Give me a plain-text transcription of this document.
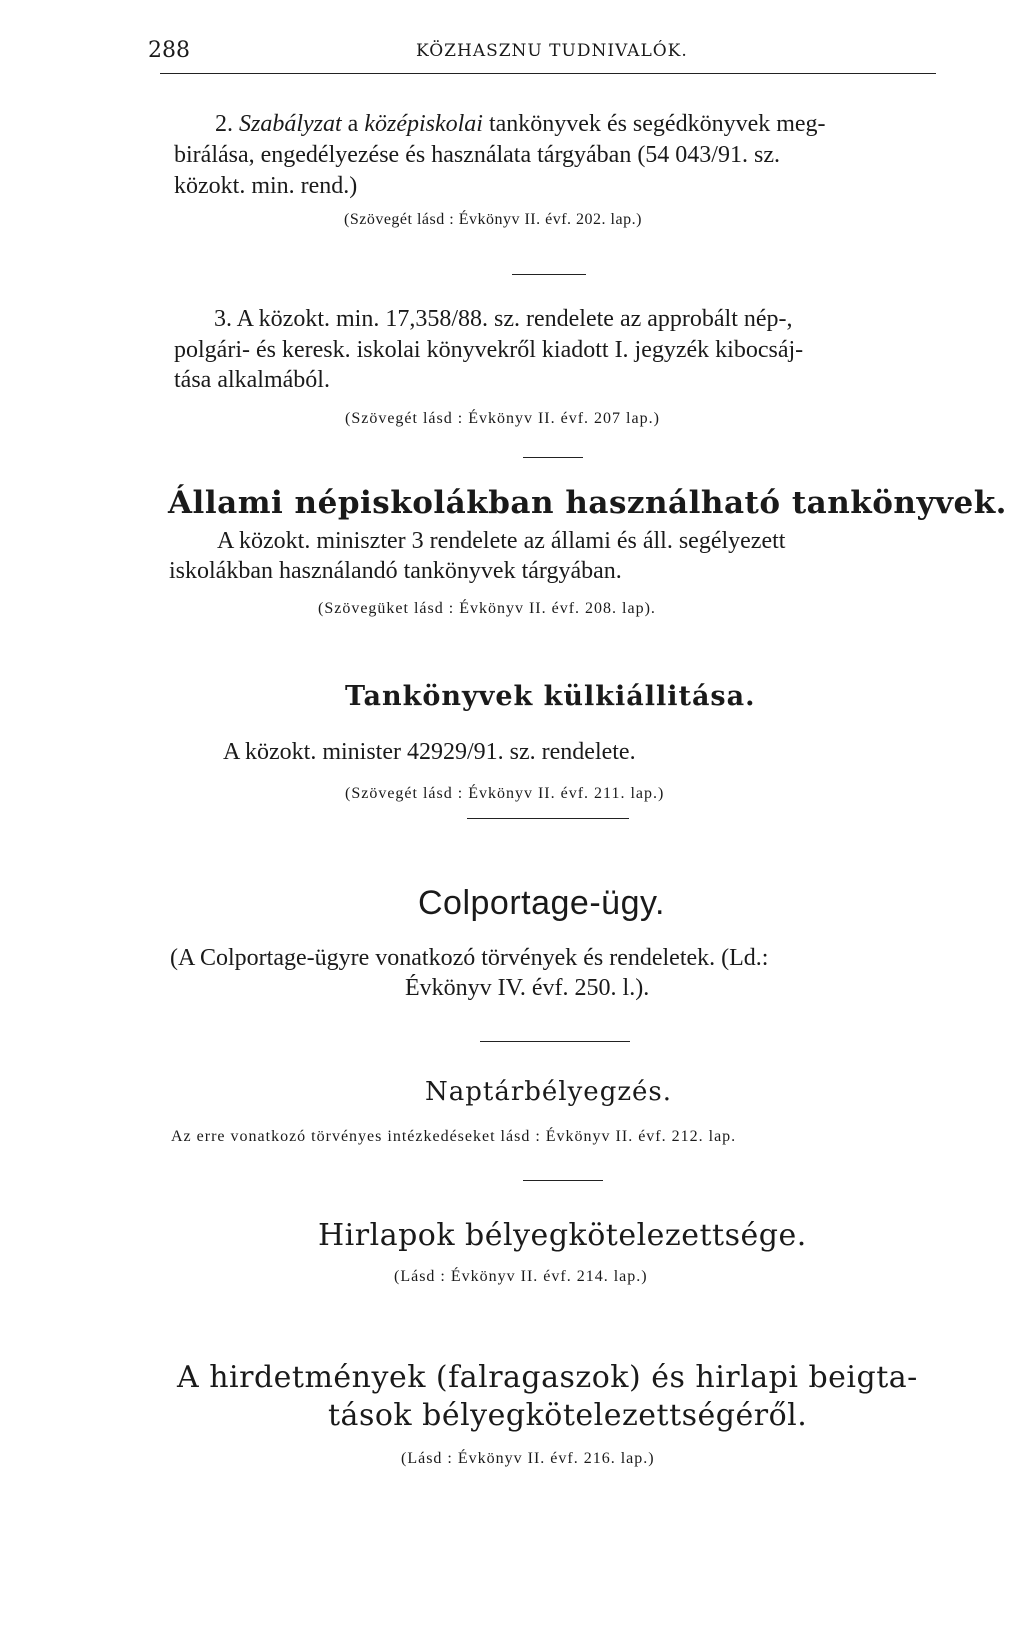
288	KÖZHASZNU TUDNIVALÓK.
2. Szabályzat a középiskolai tankönyvek és segédkönyvek meg-
birálása, engedélyezése és használata tárgyában (54 043/91. sz.
közokt. min. rend.)
(Szövegét lásd : Évkönyv II. évf. 202. lap.)
3. A közokt. min. 17,358/88. sz. rendelete az approbált nép-,
polgári- és keresk. iskolai könyvekről kiadott I. jegyzék kibocsáj-
tása alkalmából.
(Szövegét lásd : Évkönyv II. évf. 207 lap.)
Állami népiskolákban használható tankönyvek.
A közokt. miniszter 3 rendelete az állami és áll. segélyezett
iskolákban használandó tankönyvek tárgyában.
(Szövegüket lásd : Évkönyv II. évf. 208. lap).
Tankönyvek külkiállitása.
A közokt. minister 42929/91. sz. rendelete.
(Szövegét lásd : Évkönyv II. évf. 211. lap.)
Colportage-ügy.
(A Colportage-ügyre vonatkozó törvények és rendeletek. (Ld.:
Évkönyv IV. évf. 250. l.).
Naptárbélyegzés.
Az erre vonatkozó törvényes intézkedéseket lásd : Évkönyv II. évf. 212. lap.
Hirlapok bélyegkötelezettsége.
(Lásd : Évkönyv II. évf. 214. lap.)
A hirdetmények (falragaszok) és hirlapi beigta-
tások bélyegkötelezettségéről.
(Lásd : Évkönyv II. évf. 216. lap.)
